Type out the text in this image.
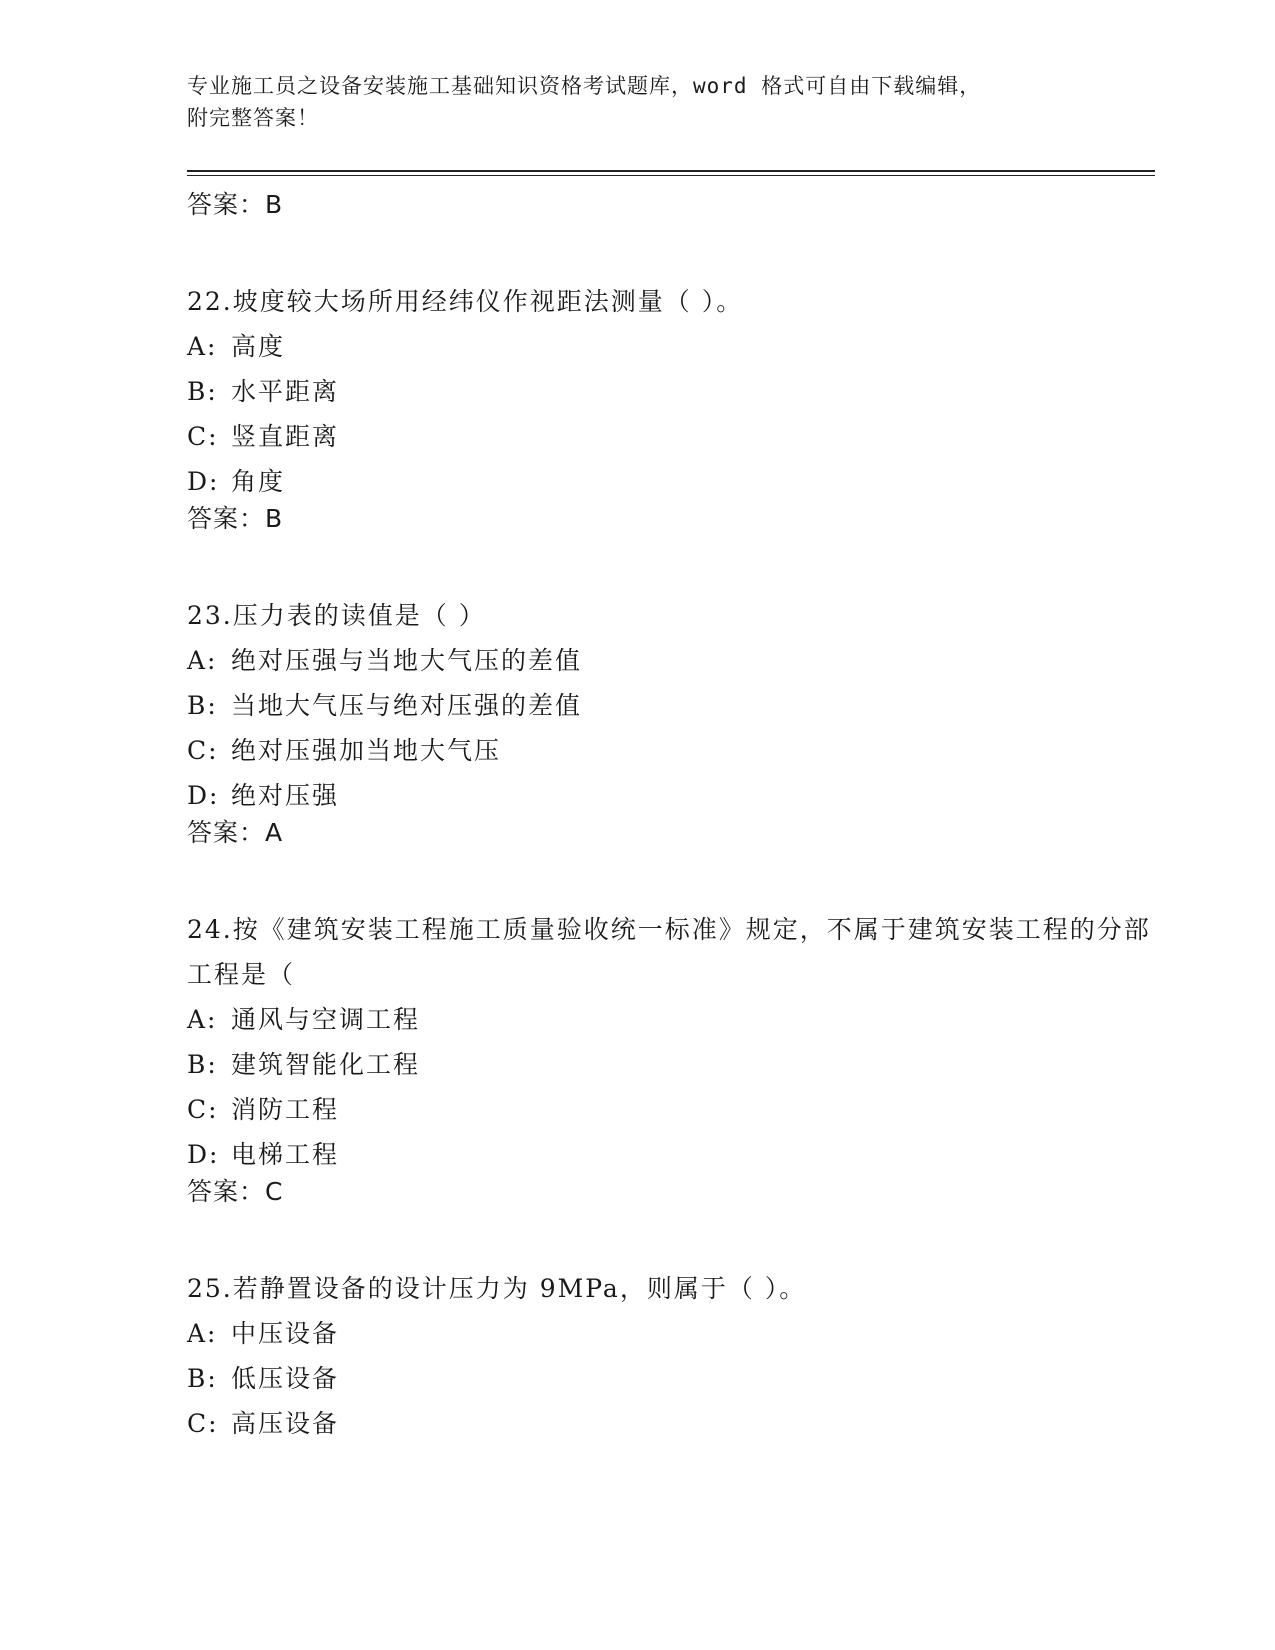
专业施工员之设备安装施工基础知识资格考试题库，word 格式可自由下载编辑，
附完整答案！

答案：B

22.坡度较大场所用经纬仪作视距法测量（ ）。

A: 高度
B: 水平距离
C: 竖直距离
D: 角度
答案：B

23.压力表的读值是（ ）

A: 绝对压强与当地大气压的差值
B: 当地大气压与绝对压强的差值
C: 绝对压强加当地大气压
D: 绝对压强
答案：A

24.按《建筑安装工程施工质量验收统一标准》规定，不属于建筑安装工程的分部工程是（

A: 通风与空调工程
B: 建筑智能化工程
C: 消防工程
D: 电梯工程
答案：C

25.若静置设备的设计压力为 9MPa，则属于（ ）。

A: 中压设备
B: 低压设备
C: 高压设备
